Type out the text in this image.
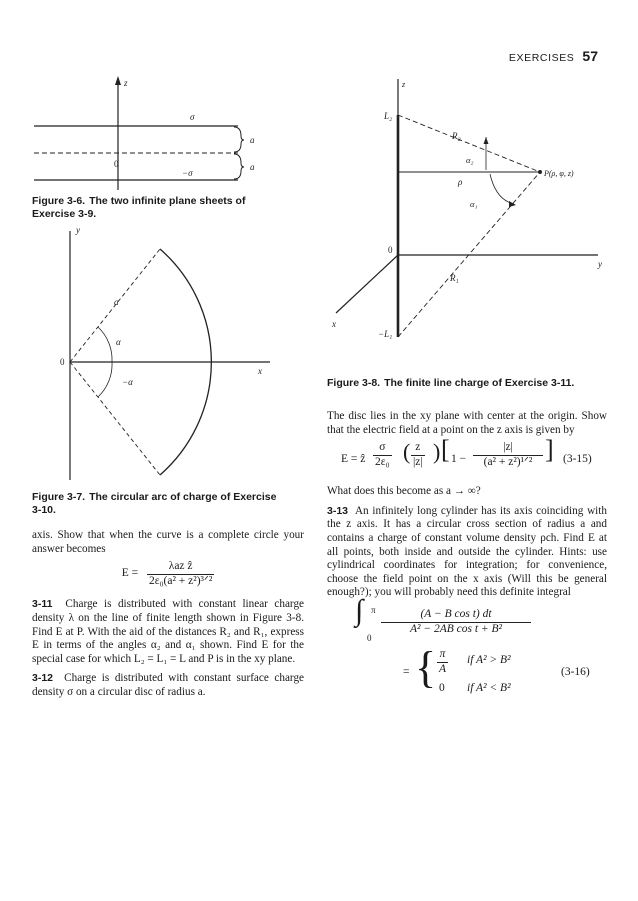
EXERCISES 57
z
σ
0
−σ
a
a
Figure 3-6. The two infinite plane sheets of Exercise 3-9.
y
x
0
a
α
−α
Figure 3-7. The circular arc of charge of Exercise 3-10.

axis. Show that when the curve is a complete circle your answer becomes

$E = \frac{\text{λaz ẑ}}{\text{2ε₀(a² + z²)³ᐟ²}}$

3-11 Charge is distributed with constant linear charge density λ on the line of finite length shown in Figure 3-8. Find E at P. With the aid of the distances R₂ and R₁, express E in terms of the angles α₂ and α₁ shown. Find E for the special case for which L₂ = L₁ = L and P is in the xy plane.

3-12 Charge is distributed with constant surface charge density σ on a circular disc of radius a.

z
y
x
0
L₂
−L₁
ρ
R₂
R₁
P(ρ, φ, z)
α₂
α₁
Figure 3-8. The finite line charge of Exercise 3-11.

The disc lies in the xy plane with center at the origin. Show that the electric field at a point on the z axis is given by

E = ẑ $\frac{\sigma}{\text{2ε₀}}$ ( $\frac{z}{|z|}$ ) [ 1 −
|z|
(a² + z²)¹ᐟ² ] (3-15)

What does this become as a → ∞?

3-13 An infinitely long cylinder has its axis coinciding with the z axis. It has a circular cross section of radius a and contains a charge of constant volume density ρch. Find E at all points, both inside and outside the cylinder. Hints: use cylindrical coordinates for integration; for convenience, choose the field point on the x axis (Will this be general enough?); you will probably need this definite integral

∫ π
0
$\frac{\text{(A − B cos t) dt}}{\text{A² − 2AB cos t + B²}}$
= { $\frac{\pi}{A}$ if A² > B²
0 if A² < B²
(3-16)
